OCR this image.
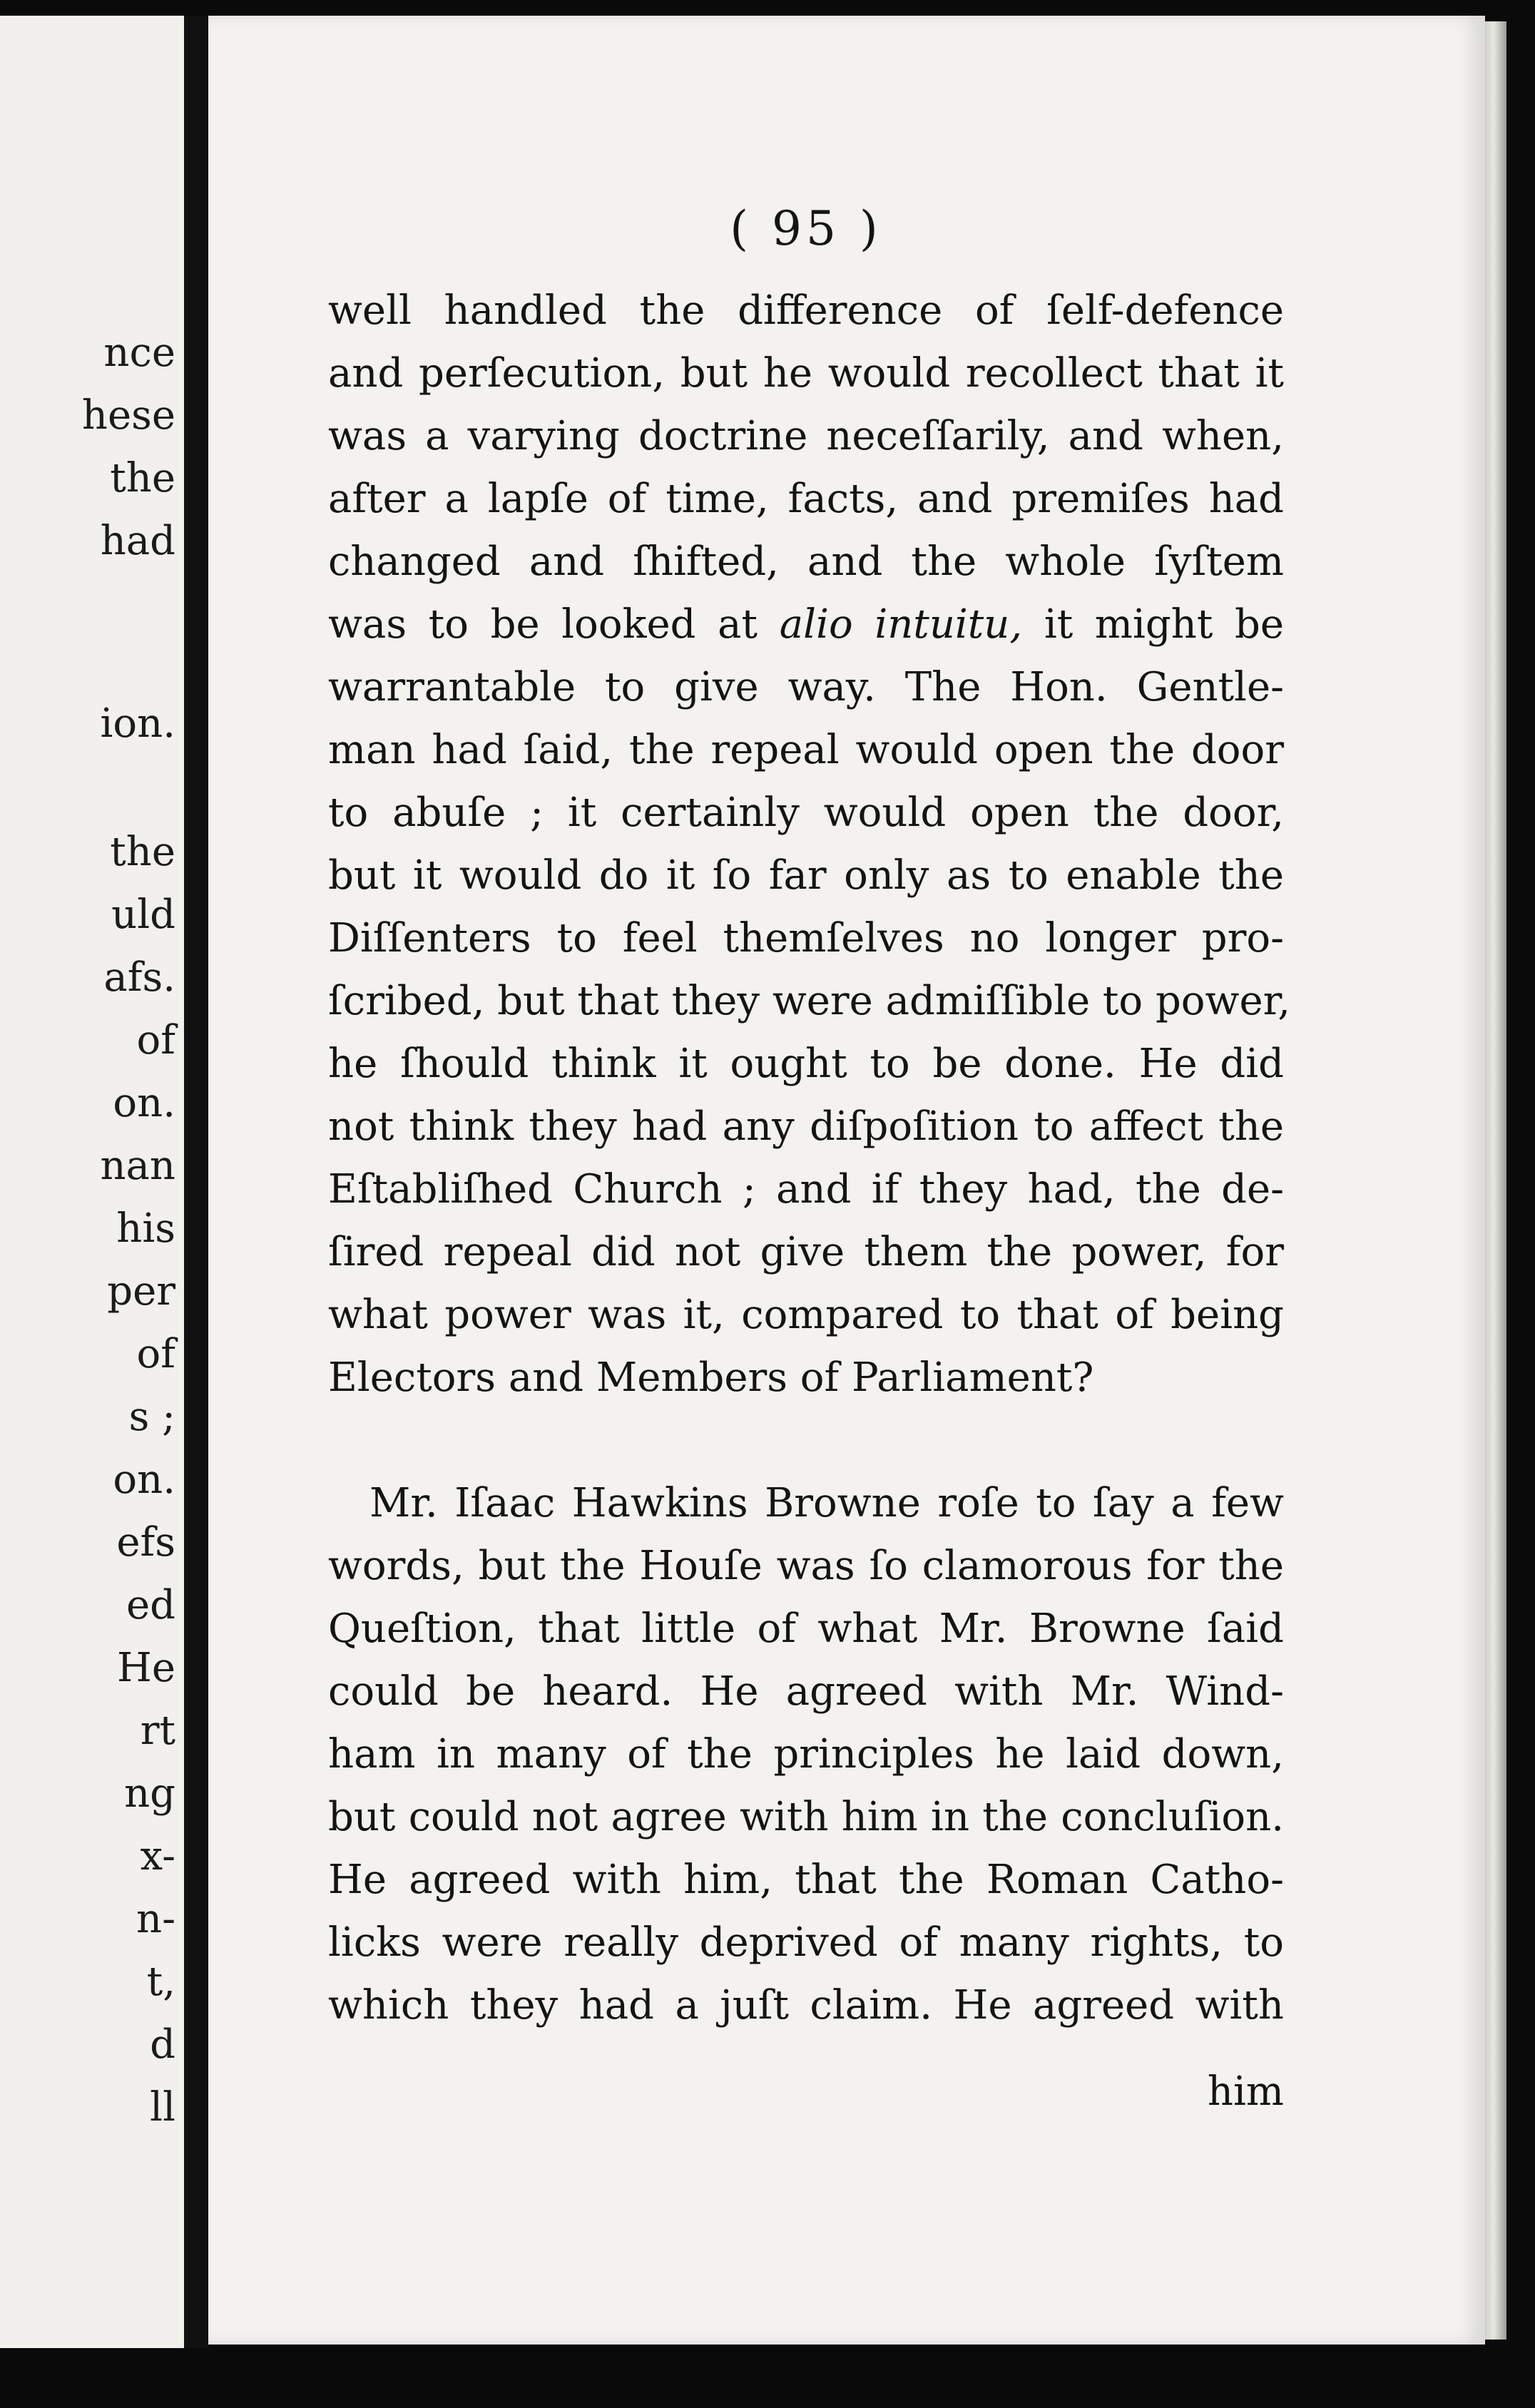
nce
hese
the
had
ion.
the
uld
afs.
of
on.
nan
his
per
of
s ;
on.
efs
ed
He
rt
ng
x-
n-
t,
d
ll
( 95 )
well handled the difference of ſelf-defence
and perſecution, but he would recollect that it
was a varying doctrine neceſſarily, and when,
after a lapſe of time, facts, and premiſes had
changed and ſhifted, and the whole ſyſtem
was to be looked at alio intuitu, it might be
warrantable to give way. The Hon. Gentle-
man had ſaid, the repeal would open the door
to abuſe ; it certainly would open the door,
but it would do it ſo far only as to enable the
Diſſenters to feel themſelves no longer pro-
ſcribed, but that they were admiſſible to power,
he ſhould think it ought to be done. He did
not think they had any diſpoſition to affect the
Eſtabliſhed Church ; and if they had, the de-
ſired repeal did not give them the power, for
what power was it, compared to that of being
Electors and Members of Parliament?
Mr. Iſaac Hawkins Browne roſe to ſay a few
words, but the Houſe was ſo clamorous for the
Queſtion, that little of what Mr. Browne ſaid
could be heard. He agreed with Mr. Wind-
ham in many of the principles he laid down,
but could not agree with him in the concluſion.
He agreed with him, that the Roman Catho-
licks were really deprived of many rights, to
which they had a juſt claim. He agreed with
him
